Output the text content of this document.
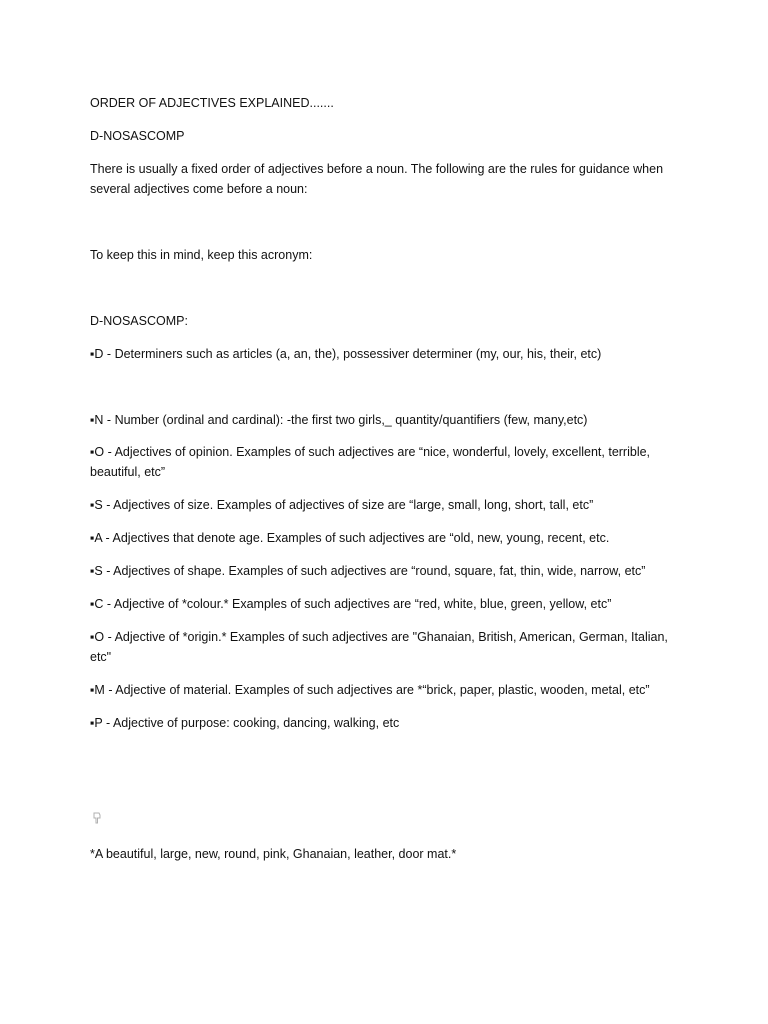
ORDER OF ADJECTIVES EXPLAINED.......

D-NOSASCOMP

There is usually a fixed order of adjectives before a noun. The following are the rules for guidance when several adjectives come before a noun:

To keep this in mind, keep this acronym:

D-NOSASCOMP:

▪D - Determiners such as articles (a, an, the), possessiver determiner (my, our, his, their, etc)

▪N - Number (ordinal and cardinal): -the first two girls,_ quantity/quantifiers (few, many,etc)

▪O - Adjectives of opinion. Examples of such adjectives are “nice, wonderful, lovely, excellent, terrible, beautiful, etc”

▪S - Adjectives of size. Examples of adjectives of size are “large, small, long, short, tall, etc”

▪A - Adjectives that denote age. Examples of such adjectives are “old, new, young, recent, etc.

▪S - Adjectives of shape. Examples of such adjectives are “round, square, fat, thin, wide, narrow, etc”

▪C - Adjective of *colour.* Examples of such adjectives are “red, white, blue, green, yellow, etc”

▪O - Adjective of *origin.* Examples of such adjectives are "Ghanaian, British, American, German, Italian, etc"

▪M - Adjective of material. Examples of such adjectives are *“brick, paper, plastic, wooden, metal, etc”

▪P - Adjective of purpose: cooking, dancing, walking, etc

*A beautiful, large, new, round, pink, Ghanaian, leather, door mat.*
